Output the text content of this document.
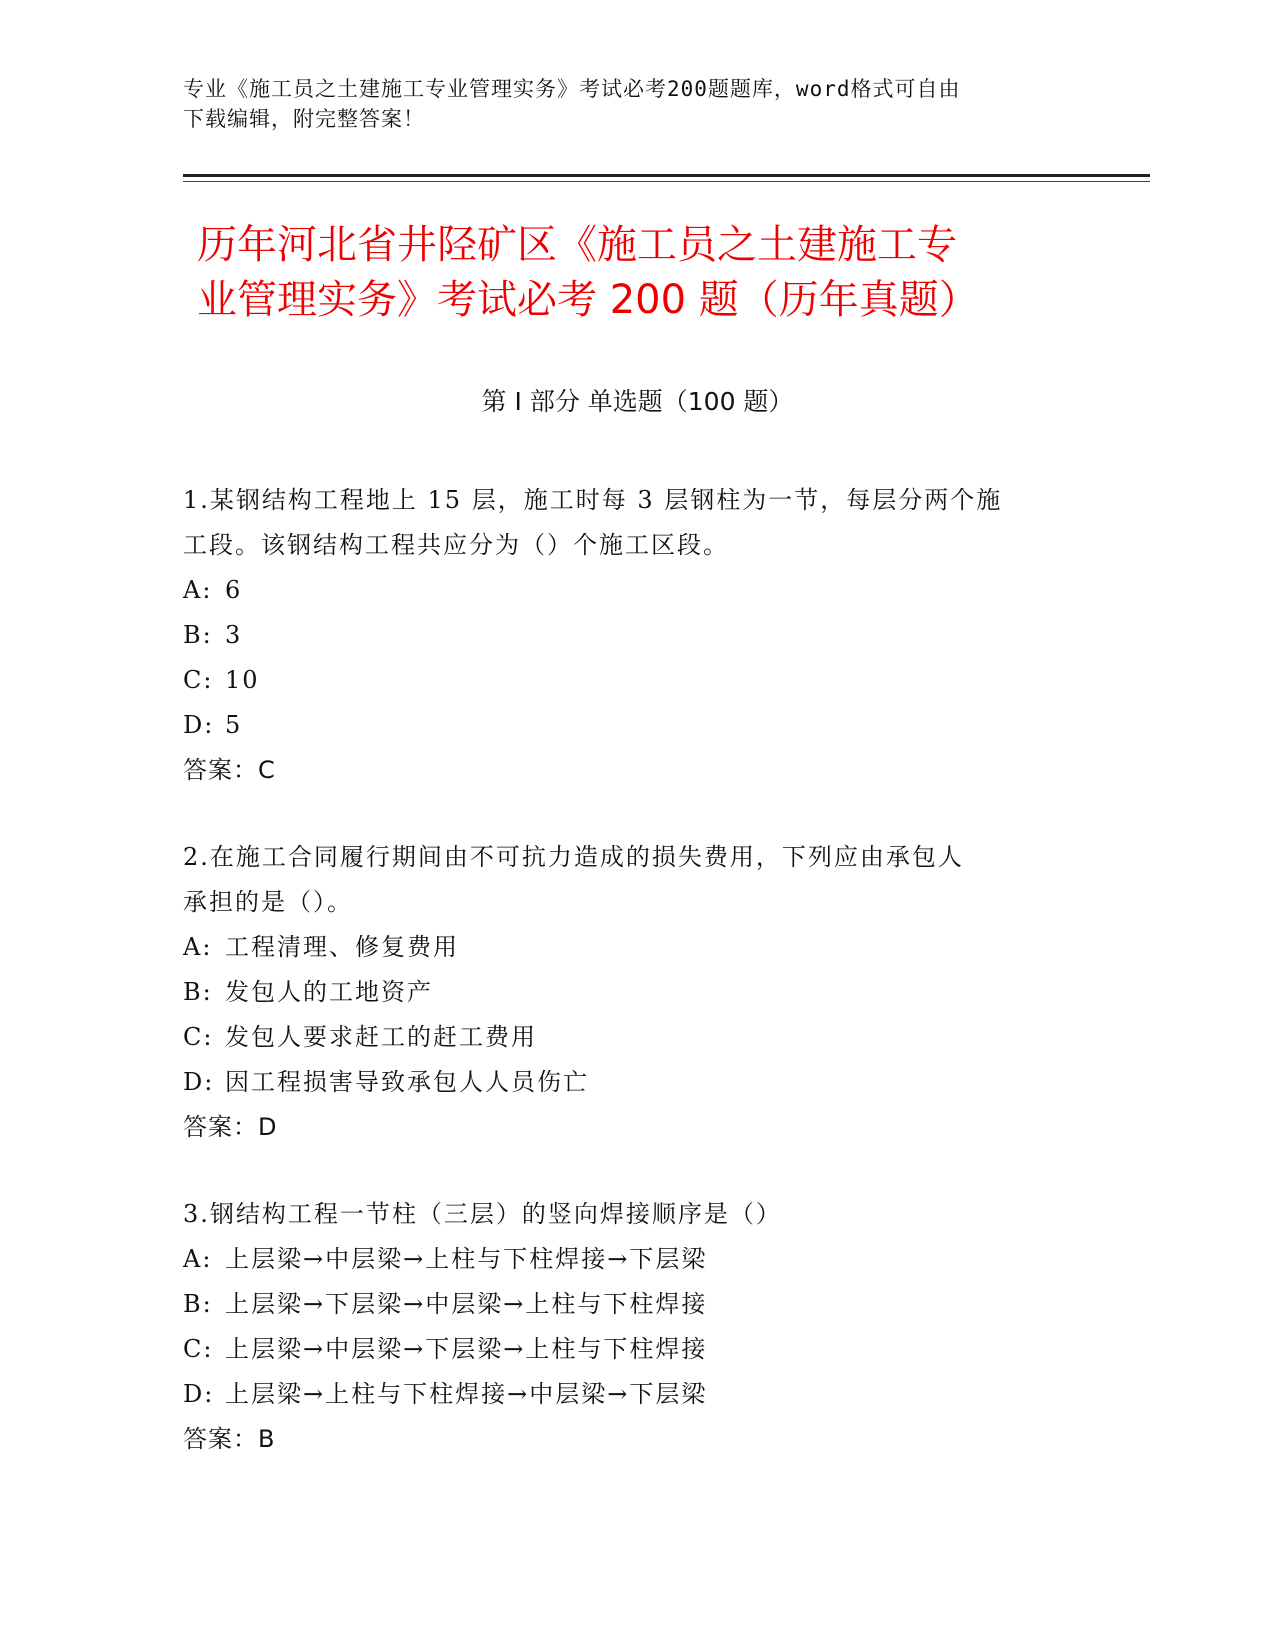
专业《施工员之土建施工专业管理实务》考试必考200题题库，word格式可自由
下载编辑，附完整答案！
历年河北省井陉矿区《施工员之土建施工专
业管理实务》考试必考 200 题（历年真题）
第 I 部分 单选题（100 题）
1.某钢结构工程地上 15 层，施工时每 3 层钢柱为一节，每层分两个施
工段。该钢结构工程共应分为（）个施工区段。
A: 6
B: 3
C: 10
D: 5
答案：C
2.在施工合同履行期间由不可抗力造成的损失费用，下列应由承包人
承担的是（）。
A: 工程清理、修复费用
B: 发包人的工地资产
C: 发包人要求赶工的赶工费用
D: 因工程损害导致承包人人员伤亡
答案：D
3.钢结构工程一节柱（三层）的竖向焊接顺序是（）
A: 上层梁→中层梁→上柱与下柱焊接→下层梁
B: 上层梁→下层梁→中层梁→上柱与下柱焊接
C: 上层梁→中层梁→下层梁→上柱与下柱焊接
D: 上层梁→上柱与下柱焊接→中层梁→下层梁
答案：B
